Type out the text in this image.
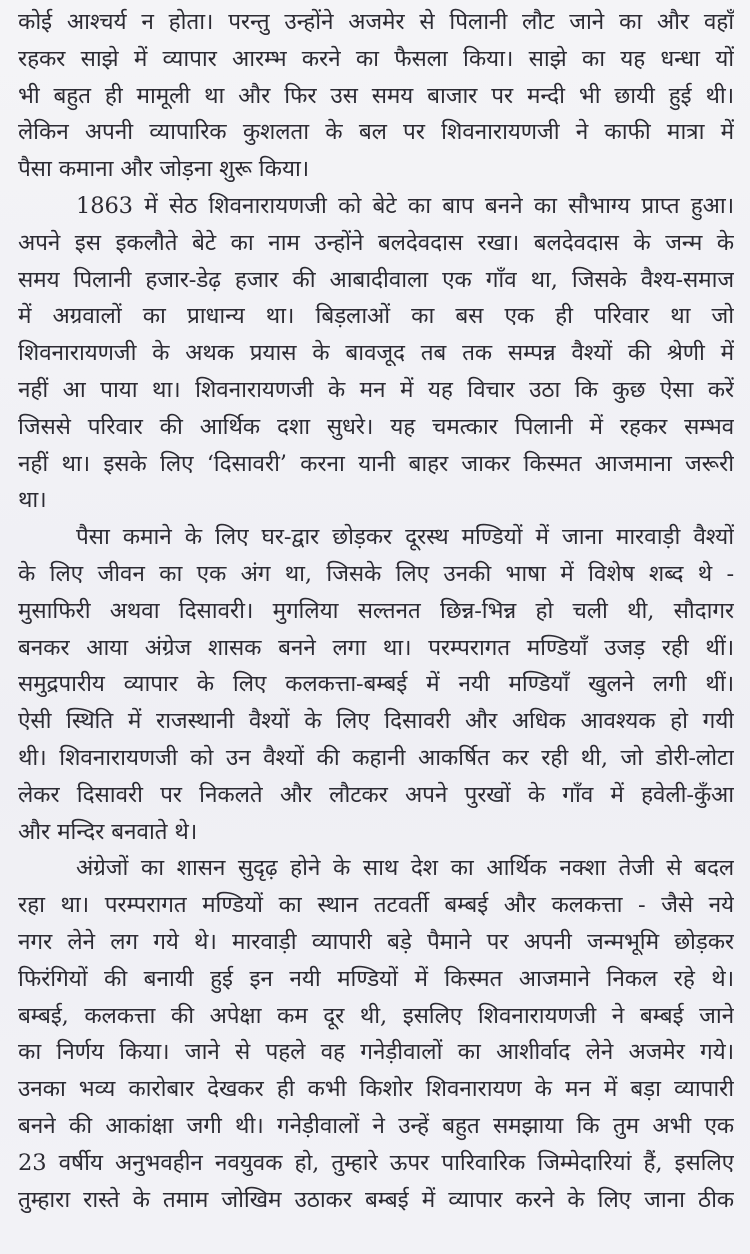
कोई आश्चर्य न होता। परन्तु उन्होंने अजमेर से पिलानी लौट जाने का और वहाँ
रहकर साझे में व्यापार आरम्भ करने का फैसला किया। साझे का यह धन्धा यों
भी बहुत ही मामूली था और फिर उस समय बाजार पर मन्दी भी छायी हुई थी।
लेकिन अपनी व्यापारिक कुशलता के बल पर शिवनारायणजी ने काफी मात्रा में
पैसा कमाना और जोड़ना शुरू किया।

1863 में सेठ शिवनारायणजी को बेटे का बाप बनने का सौभाग्य प्राप्त हुआ।
अपने इस इकलौते बेटे का नाम उन्होंने बलदेवदास रखा। बलदेवदास के जन्म के
समय पिलानी हजार-डेढ़ हजार की आबादीवाला एक गाँव था, जिसके वैश्य-समाज
में अग्रवालों का प्राधान्य था। बिड़लाओं का बस एक ही परिवार था जो
शिवनारायणजी के अथक प्रयास के बावजूद तब तक सम्पन्न वैश्यों की श्रेणी में
नहीं आ पाया था। शिवनारायणजी के मन में यह विचार उठा कि कुछ ऐसा करें
जिससे परिवार की आर्थिक दशा सुधरे। यह चमत्कार पिलानी में रहकर सम्भव
नहीं था। इसके लिए ‘दिसावरी’ करना यानी बाहर जाकर किस्मत आजमाना जरूरी
था।

पैसा कमाने के लिए घर-द्वार छोड़कर दूरस्थ मण्डियों में जाना मारवाड़ी वैश्यों
के लिए जीवन का एक अंग था, जिसके लिए उनकी भाषा में विशेष शब्द थे -
मुसाफिरी अथवा दिसावरी। मुगलिया सल्तनत छिन्न-भिन्न हो चली थी, सौदागर
बनकर आया अंग्रेज शासक बनने लगा था। परम्परागत मण्डियाँ उजड़ रही थीं।
समुद्रपारीय व्यापार के लिए कलकत्ता-बम्बई में नयी मण्डियाँ खुलने लगी थीं।
ऐसी स्थिति में राजस्थानी वैश्यों के लिए दिसावरी और अधिक आवश्यक हो गयी
थी। शिवनारायणजी को उन वैश्यों की कहानी आकर्षित कर रही थी, जो डोरी-लोटा
लेकर दिसावरी पर निकलते और लौटकर अपने पुरखों के गाँव में हवेली-कुँआ
और मन्दिर बनवाते थे।

अंग्रेजों का शासन सुदृढ़ होने के साथ देश का आर्थिक नक्शा तेजी से बदल
रहा था। परम्परागत मण्डियों का स्थान तटवर्ती बम्बई और कलकत्ता - जैसे नये
नगर लेने लग गये थे। मारवाड़ी व्यापारी बड़े पैमाने पर अपनी जन्मभूमि छोड़कर
फिरंगियों की बनायी हुई इन नयी मण्डियों में किस्मत आजमाने निकल रहे थे।
बम्बई, कलकत्ता की अपेक्षा कम दूर थी, इसलिए शिवनारायणजी ने बम्बई जाने
का निर्णय किया। जाने से पहले वह गनेड़ीवालों का आशीर्वाद लेने अजमेर गये।
उनका भव्य कारोबार देखकर ही कभी किशोर शिवनारायण के मन में बड़ा व्यापारी
बनने की आकांक्षा जगी थी। गनेड़ीवालों ने उन्हें बहुत समझाया कि तुम अभी एक
23 वर्षीय अनुभवहीन नवयुवक हो, तुम्हारे ऊपर पारिवारिक जिम्मेदारियां हैं, इसलिए
तुम्हारा रास्ते के तमाम जोखिम उठाकर बम्बई में व्यापार करने के लिए जाना ठीक
